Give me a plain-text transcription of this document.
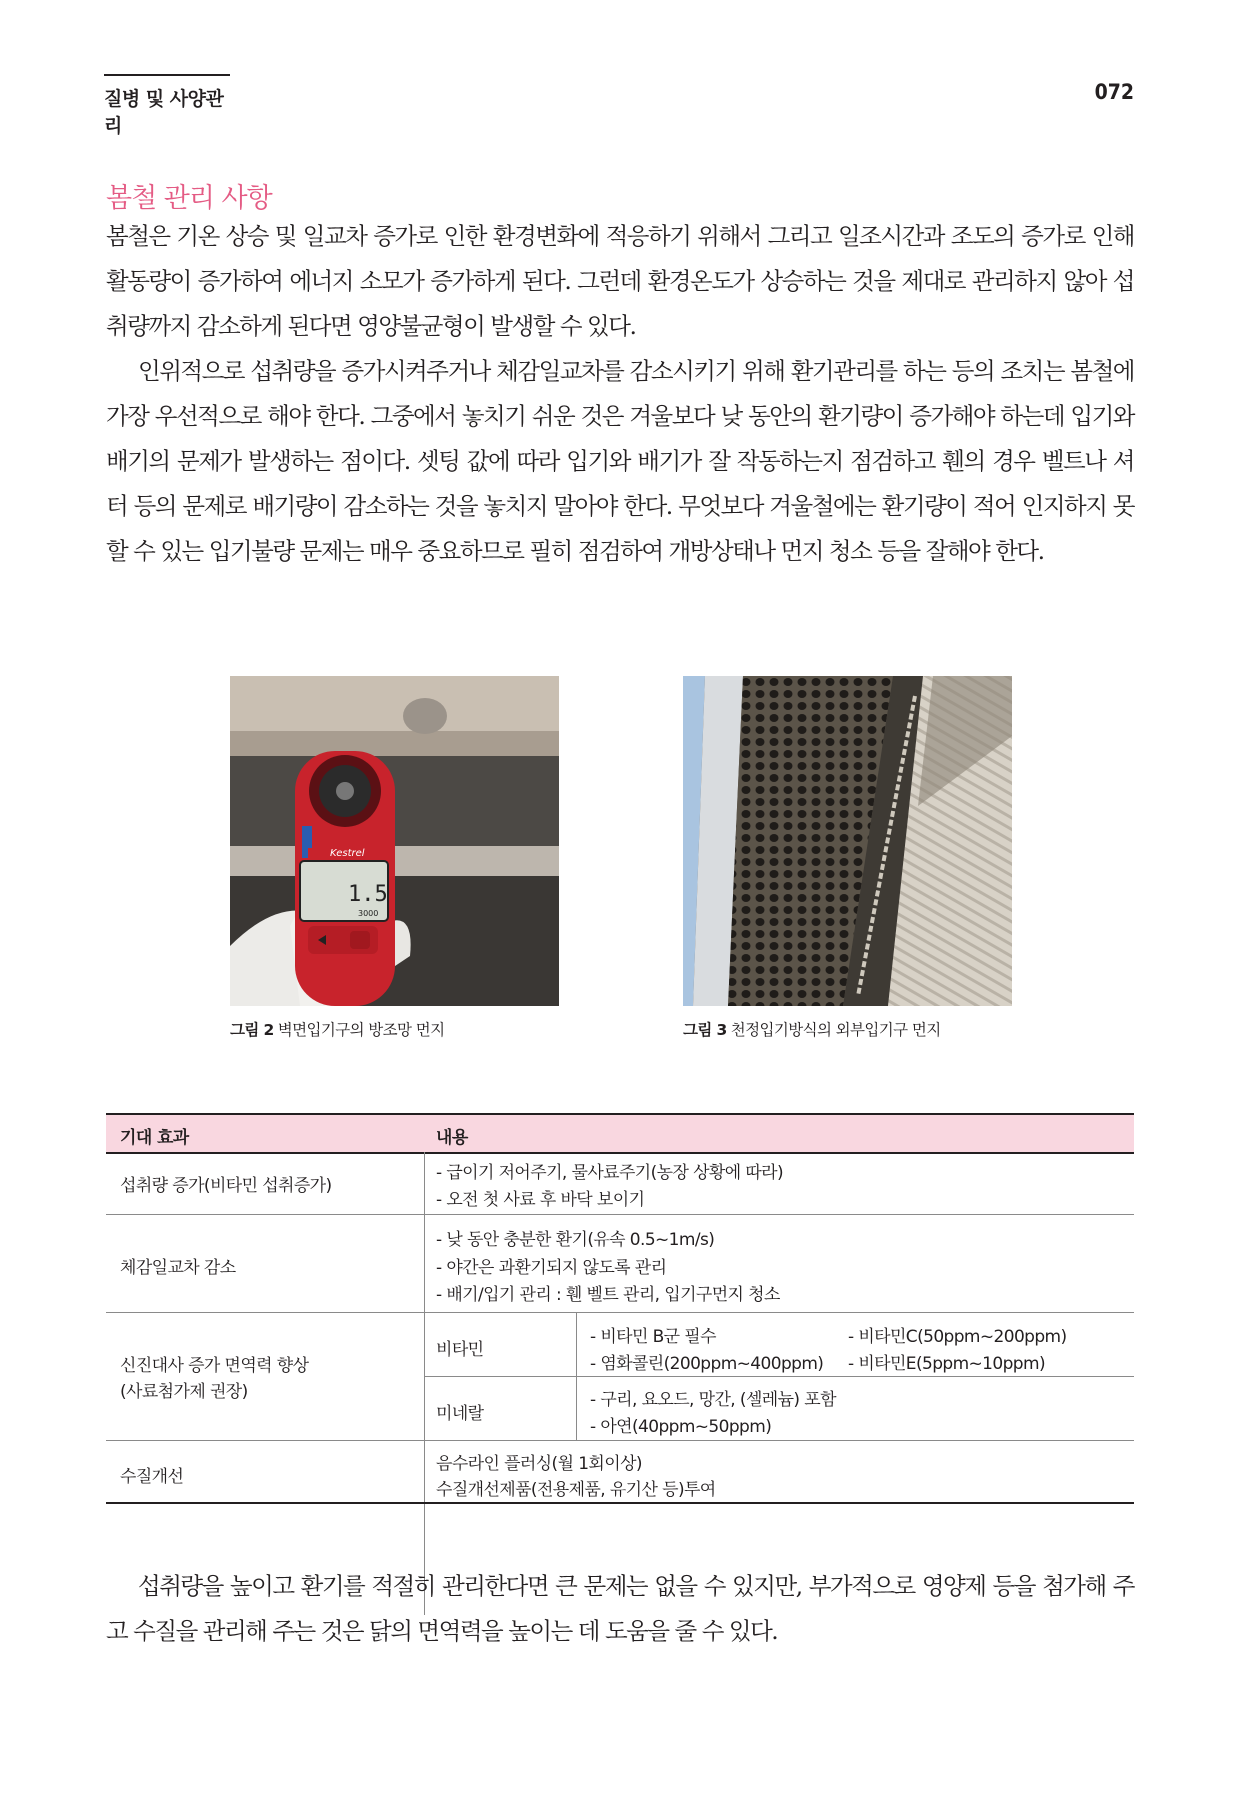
질병 및 사양관리
072
봄철 관리 사항

봄철은 기온 상승 및 일교차 증가로 인한 환경변화에 적응하기 위해서 그리고 일조시간과 조도의 증가로 인해 활동량이 증가하여 에너지 소모가 증가하게 된다. 그런데 환경온도가 상승하는 것을 제대로 관리하지 않아 섭취량까지 감소하게 된다면 영양불균형이 발생할 수 있다.

인위적으로 섭취량을 증가시켜주거나 체감일교차를 감소시키기 위해 환기관리를 하는 등의 조치는 봄철에 가장 우선적으로 해야 한다. 그중에서 놓치기 쉬운 것은 겨울보다 낮 동안의 환기량이 증가해야 하는데 입기와 배기의 문제가 발생하는 점이다. 셋팅 값에 따라 입기와 배기가 잘 작동하는지 점검하고 휀의 경우 벨트나 셔터 등의 문제로 배기량이 감소하는 것을 놓치지 말아야 한다. 무엇보다 겨울철에는 환기량이 적어 인지하지 못할 수 있는 입기불량 문제는 매우 중요하므로 필히 점검하여 개방상태나 먼지 청소 등을 잘해야 한다.

Kestrel
1.5
3000
그림 2 벽면입기구의 방조망 먼지	그림 3 천정입기방식의 외부입기구 먼지
기대 효과	내용
섭취량 증가(비타민 섭취증가)
- 급이기 저어주기, 물사료주기(농장 상황에 따라)
- 오전 첫 사료 후 바닥 보이기
체감일교차 감소
- 낮 동안 충분한 환기(유속 0.5~1m/s)
- 야간은 과환기되지 않도록 관리
- 배기/입기 관리 : 휀 벨트 관리, 입기구먼지 청소
신진대사 증가 면역력 향상
(사료첨가제 권장)
비타민
- 비타민 B군 필수
- 염화콜린(200ppm~400ppm)
- 비타민C(50ppm~200ppm)
- 비타민E(5ppm~10ppm)
미네랄
- 구리, 요오드, 망간, (셀레늄) 포함
- 아연(40ppm~50ppm)
수질개선
음수라인 플러싱(월 1회이상)
수질개선제품(전용제품, 유기산 등)투여

섭취량을 높이고 환기를 적절히 관리한다면 큰 문제는 없을 수 있지만, 부가적으로 영양제 등을 첨가해 주고 수질을 관리해 주는 것은 닭의 면역력을 높이는 데 도움을 줄 수 있다.
